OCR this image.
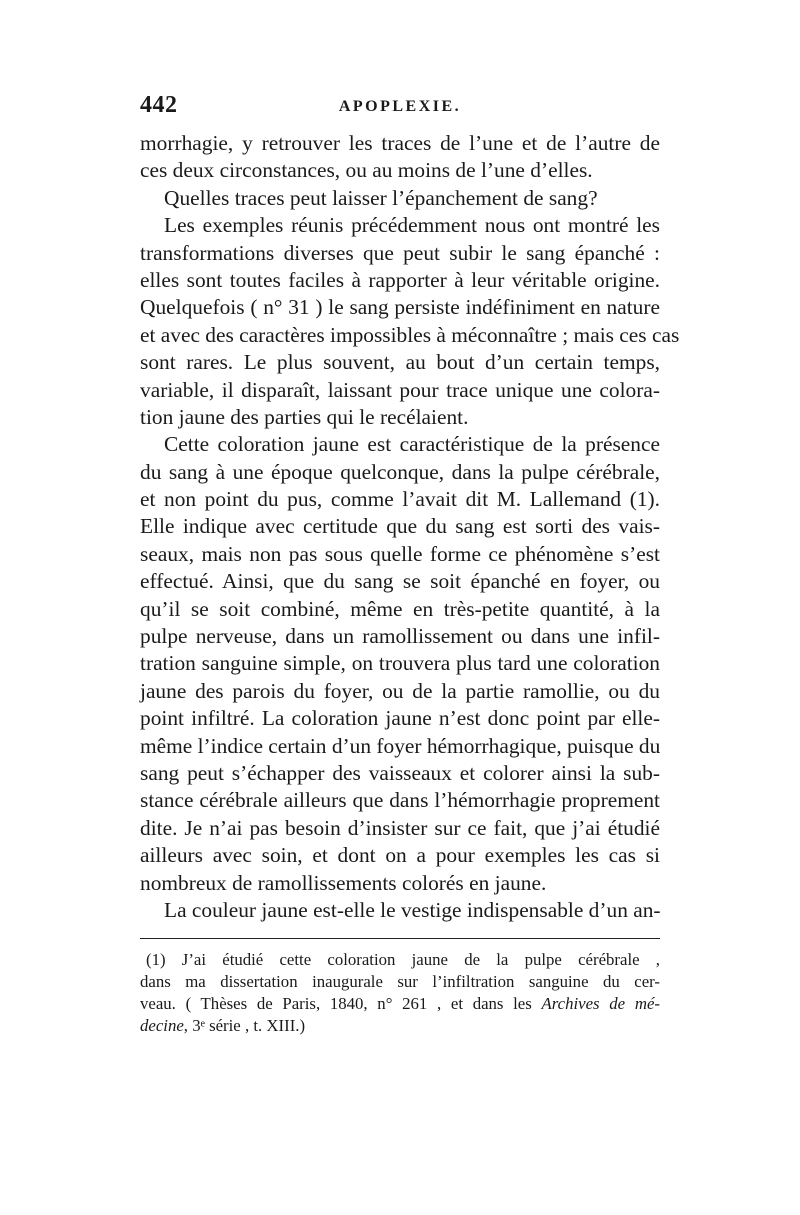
442	APOPLEXIE.
morrhagie, y retrouver les traces de l’une et de l’autre de
ces deux circonstances, ou au moins de l’une d’elles.
Quelles traces peut laisser l’épanchement de sang?
Les exemples réunis précédemment nous ont montré les
transformations diverses que peut subir le sang épanché :
elles sont toutes faciles à rapporter à leur véritable origine.
Quelquefois ( n° 31 ) le sang persiste indéfiniment en nature
et avec des caractères impossibles à méconnaître ; mais ces cas
sont rares. Le plus souvent, au bout d’un certain temps,
variable, il disparaît, laissant pour trace unique une colora-
tion jaune des parties qui le recélaient.
Cette coloration jaune est caractéristique de la présence
du sang à une époque quelconque, dans la pulpe cérébrale,
et non point du pus, comme l’avait dit M. Lallemand (1).
Elle indique avec certitude que du sang est sorti des vais-
seaux, mais non pas sous quelle forme ce phénomène s’est
effectué. Ainsi, que du sang se soit épanché en foyer, ou
qu’il se soit combiné, même en très-petite quantité, à la
pulpe nerveuse, dans un ramollissement ou dans une infil-
tration sanguine simple, on trouvera plus tard une coloration
jaune des parois du foyer, ou de la partie ramollie, ou du
point infiltré. La coloration jaune n’est donc point par elle-
même l’indice certain d’un foyer hémorrhagique, puisque du
sang peut s’échapper des vaisseaux et colorer ainsi la sub-
stance cérébrale ailleurs que dans l’hémorrhagie proprement
dite. Je n’ai pas besoin d’insister sur ce fait, que j’ai étudié
ailleurs avec soin, et dont on a pour exemples les cas si
nombreux de ramollissements colorés en jaune.
La couleur jaune est-elle le vestige indispensable d’un an-
(1) J’ai étudié cette coloration jaune de la pulpe cérébrale ,
dans ma dissertation inaugurale sur l’infiltration sanguine du cer-
veau. ( Thèses de Paris, 1840, n° 261 , et dans les Archives de mé-
decine, 3ᵉ série , t. XIII.)
